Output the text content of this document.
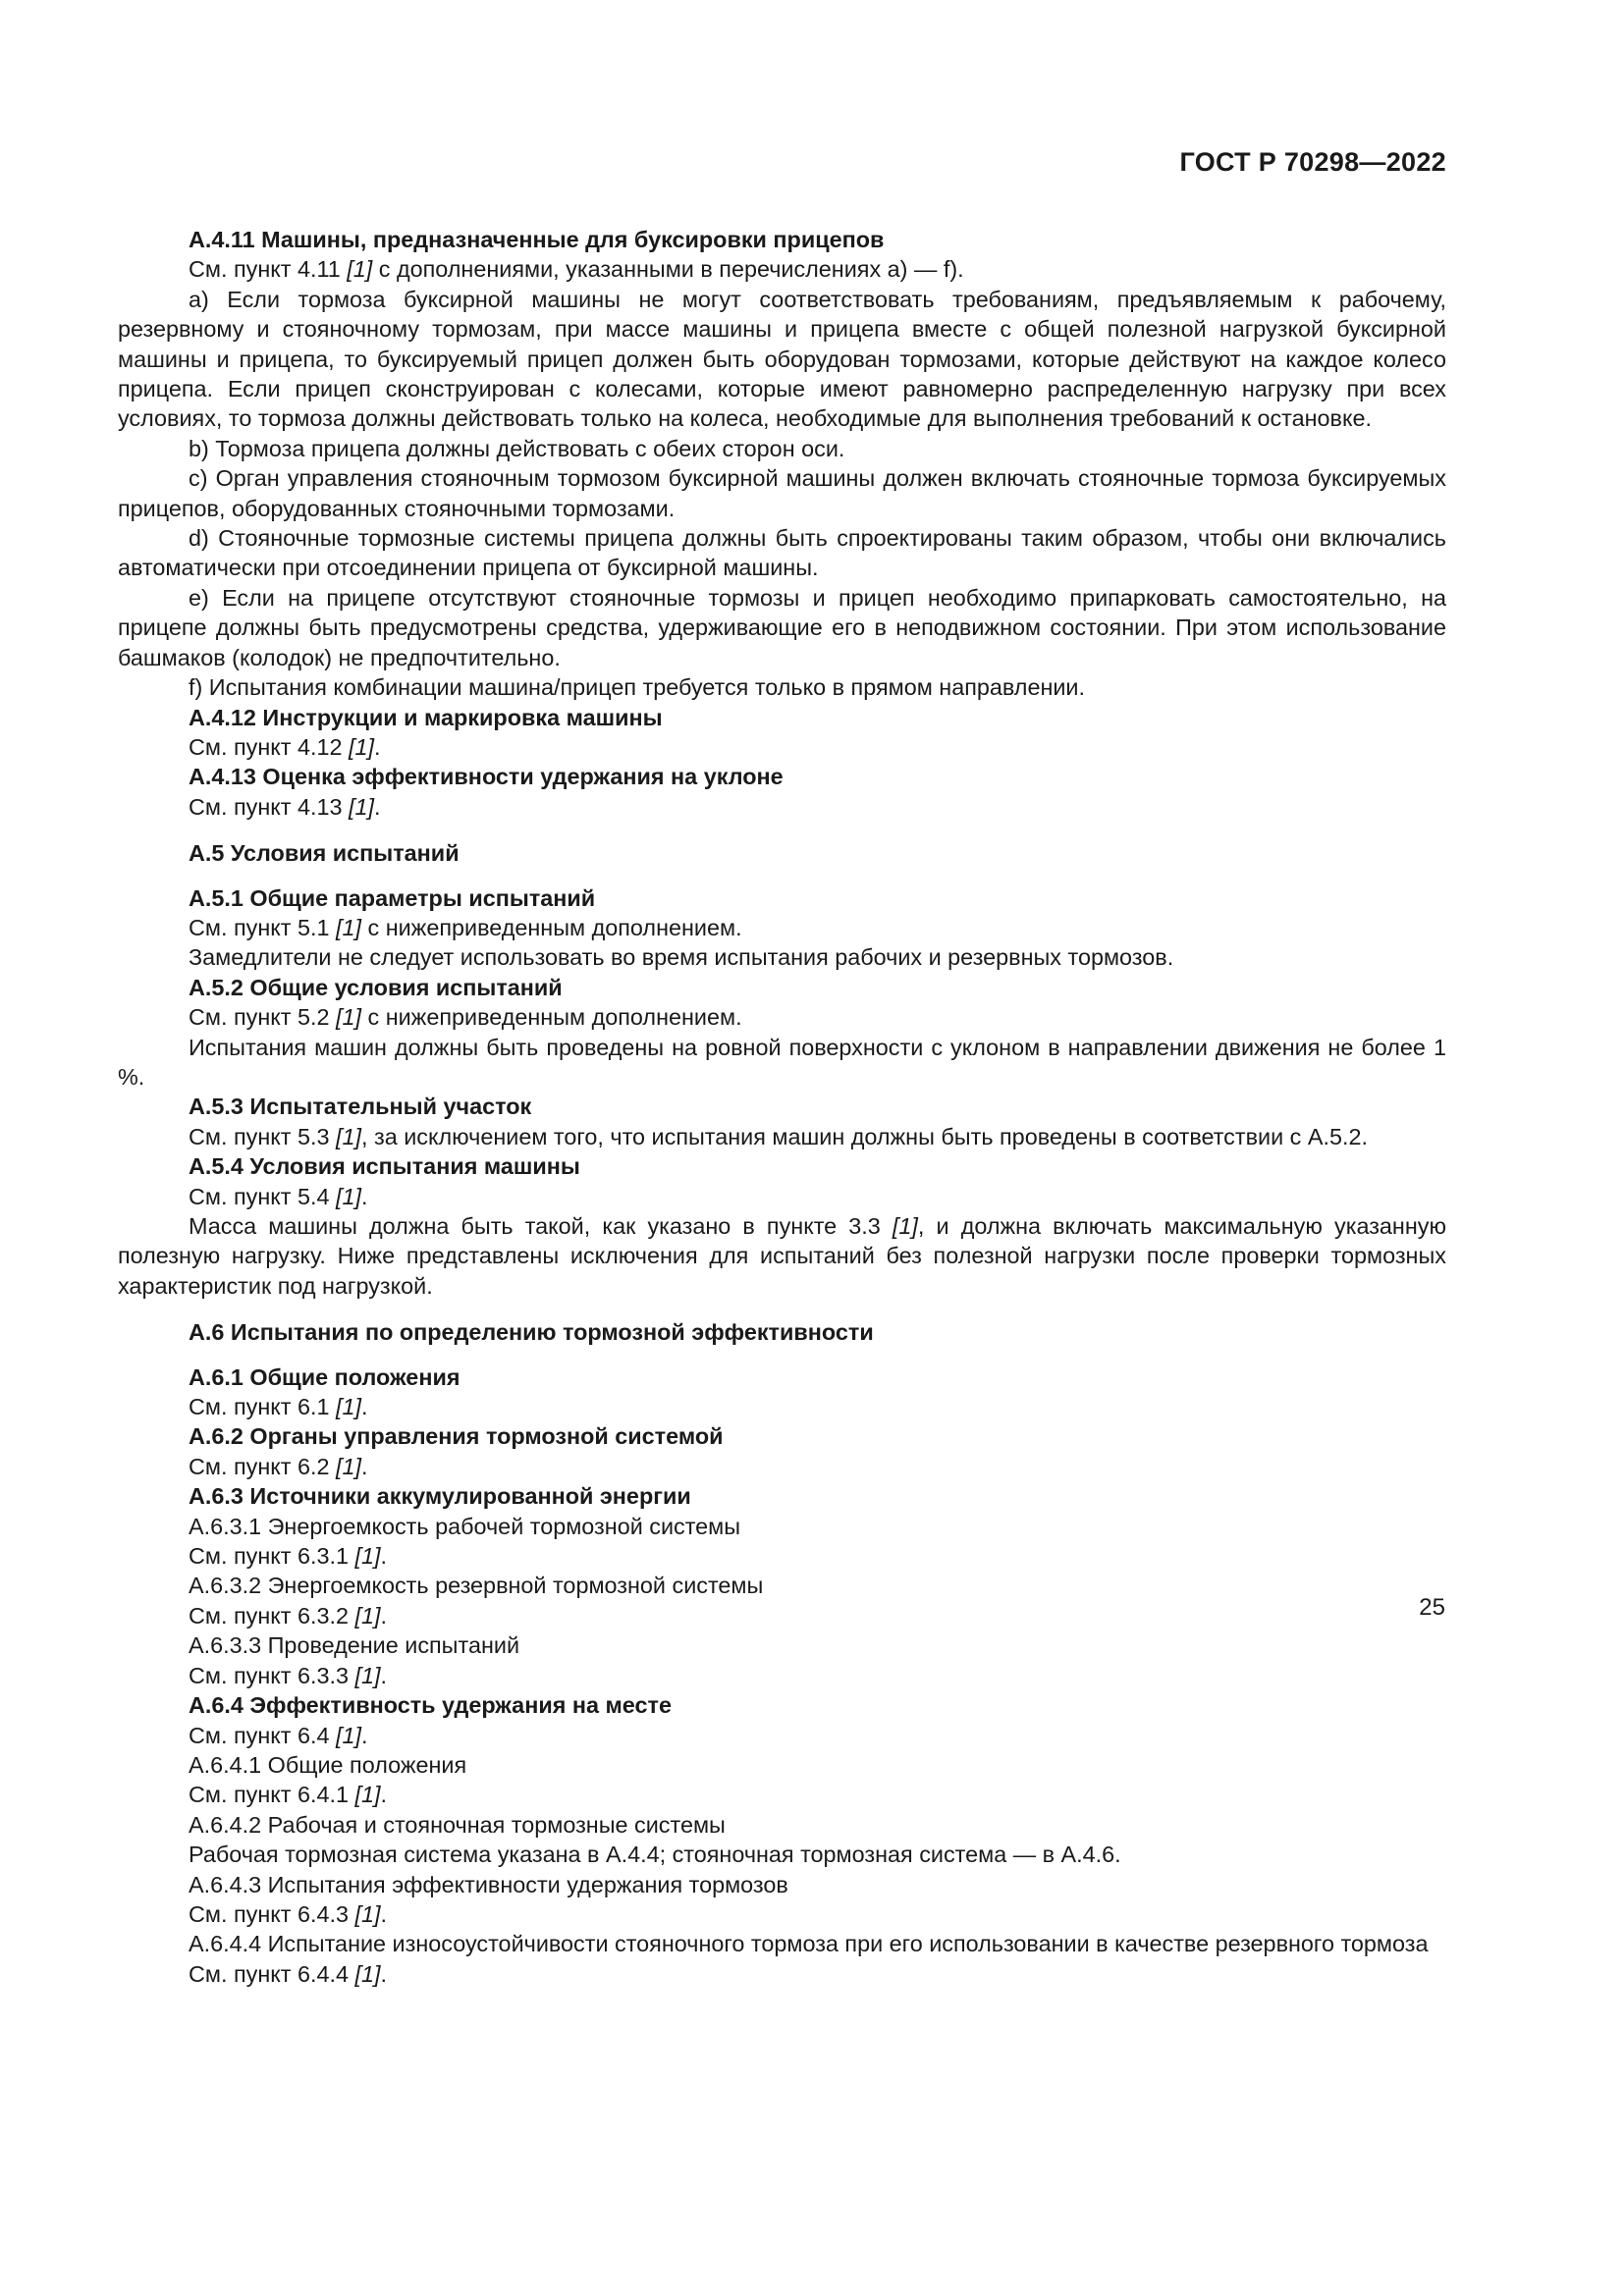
ГОСТ Р 70298—2022

А.4.11 Машины, предназначенные для буксировки прицепов

См. пункт 4.11 [1] с дополнениями, указанными в перечислениях а) — f).

а) Если тормоза буксирной машины не могут соответствовать требованиям, предъявляемым к рабочему, резервному и стояночному тормозам, при массе машины и прицепа вместе с общей полезной нагрузкой буксирной машины и прицепа, то буксируемый прицеп должен быть оборудован тормозами, которые действуют на каждое колесо прицепа. Если прицеп сконструирован с колесами, которые имеют равномерно распределенную нагрузку при всех условиях, то тормоза должны действовать только на колеса, необходимые для выполнения требований к остановке.

b) Тормоза прицепа должны действовать с обеих сторон оси.

с) Орган управления стояночным тормозом буксирной машины должен включать стояночные тормоза буксируемых прицепов, оборудованных стояночными тормозами.

d) Стояночные тормозные системы прицепа должны быть спроектированы таким образом, чтобы они включались автоматически при отсоединении прицепа от буксирной машины.

е) Если на прицепе отсутствуют стояночные тормозы и прицеп необходимо припарковать самостоятельно, на прицепе должны быть предусмотрены средства, удерживающие его в неподвижном состоянии. При этом использование башмаков (колодок) не предпочтительно.

f) Испытания комбинации машина/прицеп требуется только в прямом направлении.

А.4.12 Инструкции и маркировка машины

См. пункт 4.12 [1].

А.4.13 Оценка эффективности удержания на уклоне

См. пункт 4.13 [1].

А.5 Условия испытаний

А.5.1 Общие параметры испытаний

См. пункт 5.1 [1] с нижеприведенным дополнением.

Замедлители не следует использовать во время испытания рабочих и резервных тормозов.

А.5.2 Общие условия испытаний

См. пункт 5.2 [1] с нижеприведенным дополнением.

Испытания машин должны быть проведены на ровной поверхности с уклоном в направлении движения не более 1 %.

А.5.3 Испытательный участок

См. пункт 5.3 [1], за исключением того, что испытания машин должны быть проведены в соответствии с А.5.2.

А.5.4 Условия испытания машины

См. пункт 5.4 [1].

Масса машины должна быть такой, как указано в пункте 3.3 [1], и должна включать максимальную указанную полезную нагрузку. Ниже представлены исключения для испытаний без полезной нагрузки после проверки тормозных характеристик под нагрузкой.

А.6 Испытания по определению тормозной эффективности

А.6.1 Общие положения

См. пункт 6.1 [1].

А.6.2 Органы управления тормозной системой

См. пункт 6.2 [1].

А.6.3 Источники аккумулированной энергии

А.6.3.1 Энергоемкость рабочей тормозной системы

См. пункт 6.3.1 [1].

А.6.3.2 Энергоемкость резервной тормозной системы

См. пункт 6.3.2 [1].

А.6.3.3 Проведение испытаний

См. пункт 6.3.3 [1].

А.6.4 Эффективность удержания на месте

См. пункт 6.4 [1].

А.6.4.1 Общие положения

См. пункт 6.4.1 [1].

А.6.4.2 Рабочая и стояночная тормозные системы

Рабочая тормозная система указана в А.4.4; стояночная тормозная система — в А.4.6.

А.6.4.3 Испытания эффективности удержания тормозов

См. пункт 6.4.3 [1].

А.6.4.4 Испытание износоустойчивости стояночного тормоза при его использовании в качестве резервного тормоза

См. пункт 6.4.4 [1].

25
